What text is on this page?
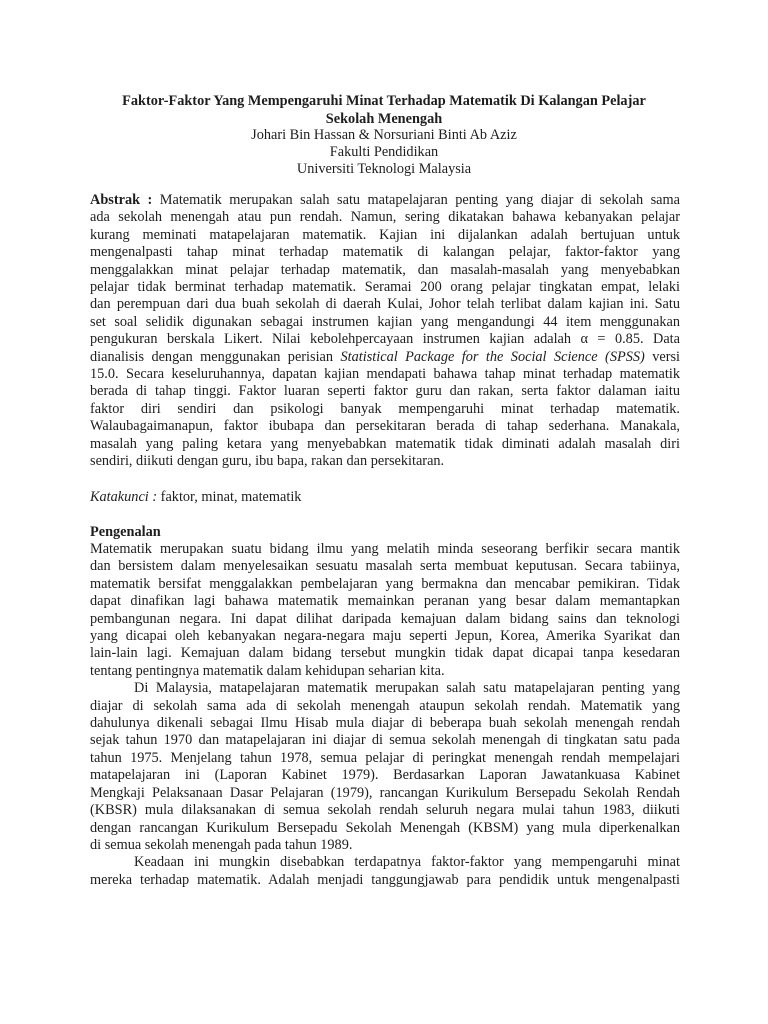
Faktor-Faktor Yang Mempengaruhi Minat Terhadap Matematik Di Kalangan Pelajar
Sekolah Menengah
Johari Bin Hassan & Norsuriani Binti Ab Aziz
Fakulti Pendidikan
Universiti Teknologi Malaysia
Abstrak : Matematik merupakan salah satu matapelajaran penting yang diajar di sekolah sama
ada sekolah menengah atau pun rendah. Namun, sering dikatakan bahawa kebanyakan pelajar
kurang meminati matapelajaran matematik. Kajian ini dijalankan adalah bertujuan untuk
mengenalpasti tahap minat terhadap matematik di kalangan pelajar, faktor-faktor yang
menggalakkan minat pelajar terhadap matematik, dan masalah-masalah yang menyebabkan
pelajar tidak berminat terhadap matematik. Seramai 200 orang pelajar tingkatan empat, lelaki
dan perempuan dari dua buah sekolah di daerah Kulai, Johor telah terlibat dalam kajian ini. Satu
set soal selidik digunakan sebagai instrumen kajian yang mengandungi 44 item menggunakan
pengukuran berskala Likert. Nilai kebolehpercayaan instrumen kajian adalah α = 0.85. Data
dianalisis dengan menggunakan perisian Statistical Package for the Social Science (SPSS) versi
15.0. Secara keseluruhannya, dapatan kajian mendapati bahawa tahap minat terhadap matematik
berada di tahap tinggi. Faktor luaran seperti faktor guru dan rakan, serta faktor dalaman iaitu
faktor diri sendiri dan psikologi banyak mempengaruhi minat terhadap matematik.
Walaubagaimanapun, faktor ibubapa dan persekitaran berada di tahap sederhana. Manakala,
masalah yang paling ketara yang menyebabkan matematik tidak diminati adalah masalah diri
sendiri, diikuti dengan guru, ibu bapa, rakan dan persekitaran.
Katakunci : faktor, minat, matematik
Pengenalan
Matematik merupakan suatu bidang ilmu yang melatih minda seseorang berfikir secara mantik
dan bersistem dalam menyelesaikan sesuatu masalah serta membuat keputusan. Secara tabiinya,
matematik bersifat menggalakkan pembelajaran yang bermakna dan mencabar pemikiran. Tidak
dapat dinafikan lagi bahawa matematik memainkan peranan yang besar dalam memantapkan
pembangunan negara. Ini dapat dilihat daripada kemajuan dalam bidang sains dan teknologi
yang dicapai oleh kebanyakan negara-negara maju seperti Jepun, Korea, Amerika Syarikat dan
lain-lain lagi. Kemajuan dalam bidang tersebut mungkin tidak dapat dicapai tanpa kesedaran
tentang pentingnya matematik dalam kehidupan seharian kita.
Di Malaysia, matapelajaran matematik merupakan salah satu matapelajaran penting yang
diajar di sekolah sama ada di sekolah menengah ataupun sekolah rendah. Matematik yang
dahulunya dikenali sebagai Ilmu Hisab mula diajar di beberapa buah sekolah menengah rendah
sejak tahun 1970 dan matapelajaran ini diajar di semua sekolah menengah di tingkatan satu pada
tahun 1975. Menjelang tahun 1978, semua pelajar di peringkat menengah rendah mempelajari
matapelajaran ini (Laporan Kabinet 1979). Berdasarkan Laporan Jawatankuasa Kabinet
Mengkaji Pelaksanaan Dasar Pelajaran (1979), rancangan Kurikulum Bersepadu Sekolah Rendah
(KBSR) mula dilaksanakan di semua sekolah rendah seluruh negara mulai tahun 1983, diikuti
dengan rancangan Kurikulum Bersepadu Sekolah Menengah (KBSM) yang mula diperkenalkan
di semua sekolah menengah pada tahun 1989.
Keadaan ini mungkin disebabkan terdapatnya faktor-faktor yang mempengaruhi minat
mereka terhadap matematik. Adalah menjadi tanggungjawab para pendidik untuk mengenalpasti
